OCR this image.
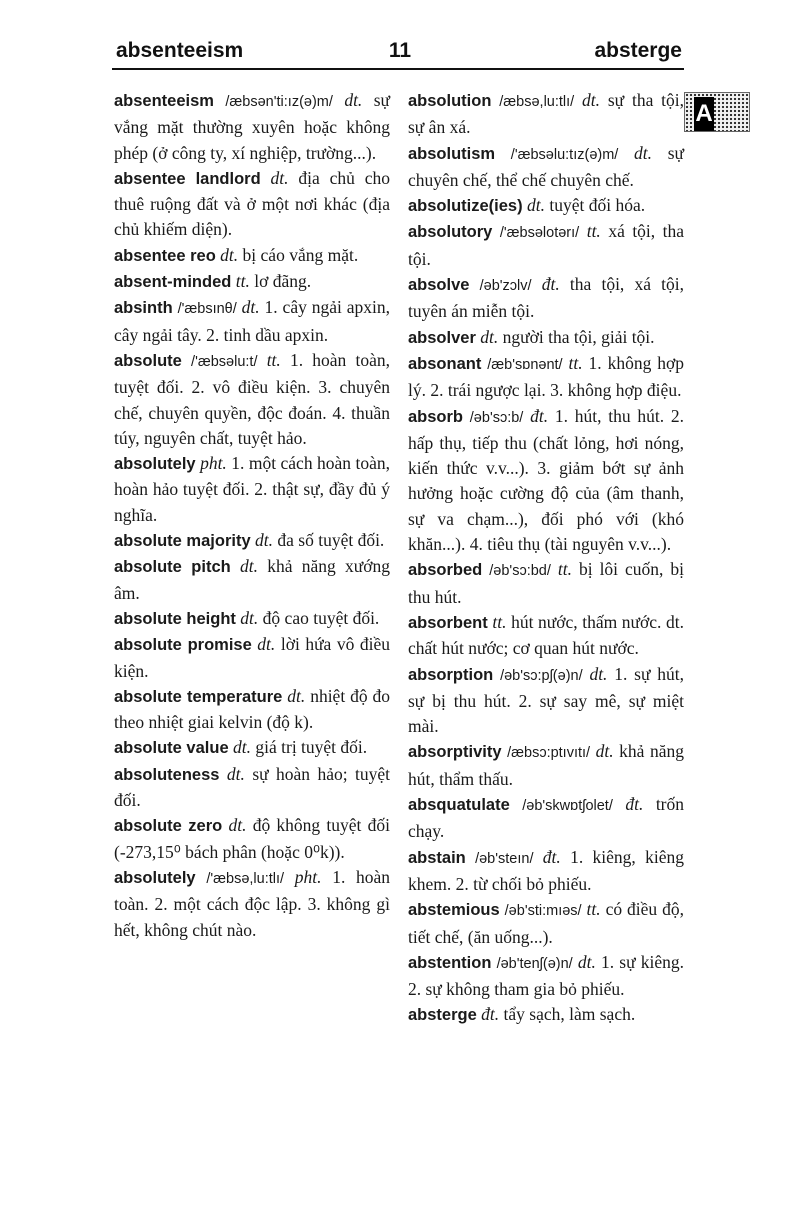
absenteeism	11	absterge
A

absenteeism /æbsən'ti:ız(ə)m/ dt. sự vắng mặt thường xuyên hoặc không phép (ở công ty, xí nghiệp, trường...).

absentee landlord dt. địa chủ cho thuê ruộng đất và ở một nơi khác (địa chủ khiếm diện).

absentee reo dt. bị cáo vắng mặt.

absent-minded tt. lơ đãng.

absinth /'æbsınθ/ dt. 1. cây ngải apxin, cây ngải tây. 2. tinh dầu apxin.

absolute /'æbsəlu:t/ tt. 1. hoàn toàn, tuyệt đối. 2. vô điều kiện. 3. chuyên chế, chuyên quyền, độc đoán. 4. thuần túy, nguyên chất, tuyệt hảo.

absolutely pht. 1. một cách hoàn toàn, hoàn hảo tuyệt đối. 2. thật sự, đầy đủ ý nghĩa.

absolute majority dt. đa số tuyệt đối.

absolute pitch dt. khả năng xướng âm.

absolute height dt. độ cao tuyệt đối.

absolute promise dt. lời hứa vô điều kiện.

absolute temperature dt. nhiệt độ đo theo nhiệt giai kelvin (độ k).

absolute value dt. giá trị tuyệt đối.

absoluteness dt. sự hoàn hảo; tuyệt đối.

absolute zero dt. độ không tuyệt đối (-273,15⁰ bách phân (hoặc 0⁰k)).

absolutely /'æbsə,lu:tlı/ pht. 1. hoàn toàn. 2. một cách độc lập. 3. không gì hết, không chút nào.

absolution /æbsə,lu:tlı/ dt. sự tha tội, sự ân xá.

absolutism /'æbsəlu:tız(ə)m/ dt. sự chuyên chế, thể chế chuyên chế.

absolutize(ies) dt. tuyệt đối hóa.

absolutory /'æbsəlotərı/ tt. xá tội, tha tội.

absolve /əb'zɔlv/ đt. tha tội, xá tội, tuyên án miễn tội.

absolver dt. người tha tội, giải tội.

absonant /æb'sɒnənt/ tt. 1. không hợp lý. 2. trái ngược lại. 3. không hợp điệu.

absorb /əb'sɔ:b/ đt. 1. hút, thu hút. 2. hấp thụ, tiếp thu (chất lỏng, hơi nóng, kiến thức v.v...). 3. giảm bớt sự ảnh hưởng hoặc cường độ của (âm thanh, sự va chạm...), đối phó với (khó khăn...). 4. tiêu thụ (tài nguyên v.v...).

absorbed /əb'sɔ:bd/ tt. bị lôi cuốn, bị thu hút.

absorbent tt. hút nước, thấm nước. dt. chất hút nước; cơ quan hút nước.

absorption /əb'sɔ:pʃ(ə)n/ dt. 1. sự hút, sự bị thu hút. 2. sự say mê, sự miệt mài.

absorptivity /æbsɔ:ptıvıtı/ dt. khả năng hút, thẩm thấu.

absquatulate /əb'skwɒtʃolet/ đt. trốn chạy.

abstain /əb'steın/ đt. 1. kiêng, kiêng khem. 2. từ chối bỏ phiếu.

abstemious /əb'sti:mıəs/ tt. có điều độ, tiết chế, (ăn uống...).

abstention /əb'tenʃ(ə)n/ dt. 1. sự kiêng. 2. sự không tham gia bỏ phiếu.

absterge đt. tẩy sạch, làm sạch.
